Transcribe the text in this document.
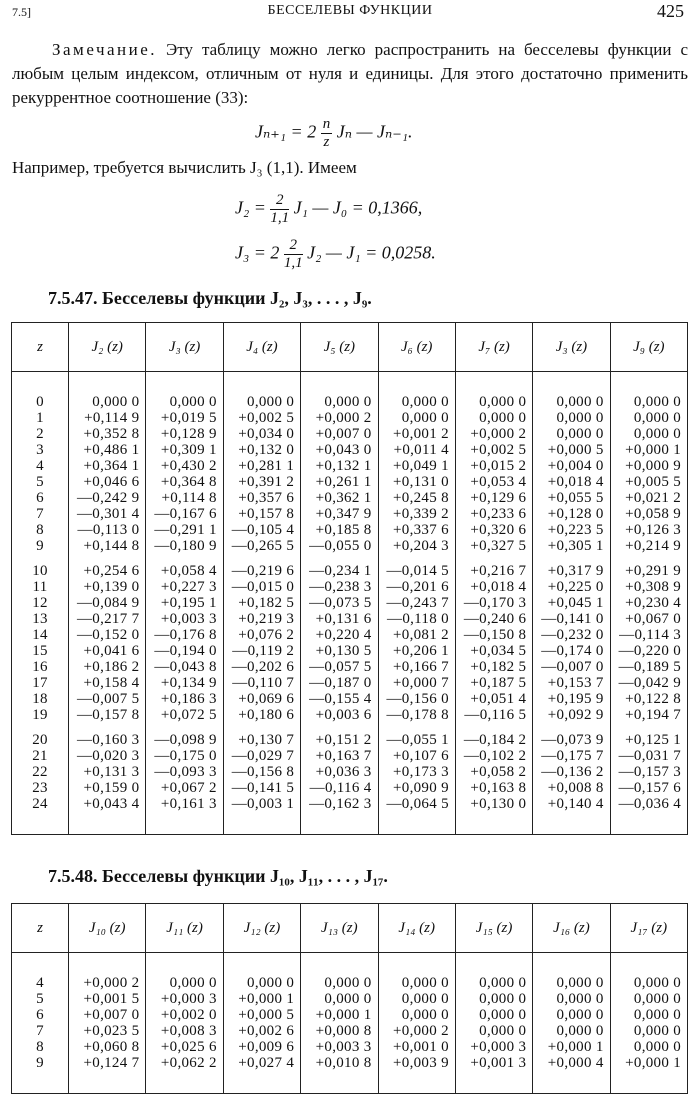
7.5]	БЕССЕЛЕВЫ ФУНКЦИИ	425
Замечание. Эту таблицу можно легко распространить на бесселевы функции с любым целым индексом, отличным от нуля и единицы. Для этого достаточно применить рекуррентное соотношение (33):
$J_{n+1} = 2 \frac{n}{z}$ Jₙ — Jₙ₋₁.
Например, требуется вычислить J₃ (1,1). Имеем
$J_2 = \frac{2}{1,1} J_1$ — J₀ = 0,1366,
$J_3 = 2 \frac{2}{1,1} J_2$ — J₁ = 0,0258.
7.5.47. Бесселевы функции J₂, J₃, . . . , J₉.
z	J₂ (z)	J₃ (z)	J₄ (z)	J₅ (z)	J₆ (z)	J₇ (z)	J₃ (z)	J₉ (z)

0	0,000 0	0,000 0	0,000 0	0,000 0	0,000 0	0,000 0	0,000 0	0,000 0
1	+0,114 9	+0,019 5	+0,002 5	+0,000 2	0,000 0	0,000 0	0,000 0	0,000 0
2	+0,352 8	+0,128 9	+0,034 0	+0,007 0	+0,001 2	+0,000 2	0,000 0	0,000 0
3	+0,486 1	+0,309 1	+0,132 0	+0,043 0	+0,011 4	+0,002 5	+0,000 5	+0,000 1
4	+0,364 1	+0,430 2	+0,281 1	+0,132 1	+0,049 1	+0,015 2	+0,004 0	+0,000 9
5	+0,046 6	+0,364 8	+0,391 2	+0,261 1	+0,131 0	+0,053 4	+0,018 4	+0,005 5
6	—0,242 9	+0,114 8	+0,357 6	+0,362 1	+0,245 8	+0,129 6	+0,055 5	+0,021 2
7	—0,301 4	—0,167 6	+0,157 8	+0,347 9	+0,339 2	+0,233 6	+0,128 0	+0,058 9
8	—0,113 0	—0,291 1	—0,105 4	+0,185 8	+0,337 6	+0,320 6	+0,223 5	+0,126 3
9	+0,144 8	—0,180 9	—0,265 5	—0,055 0	+0,204 3	+0,327 5	+0,305 1	+0,214 9
10	+0,254 6	+0,058 4	—0,219 6	—0,234 1	—0,014 5	+0,216 7	+0,317 9	+0,291 9
11	+0,139 0	+0,227 3	—0,015 0	—0,238 3	—0,201 6	+0,018 4	+0,225 0	+0,308 9
12	—0,084 9	+0,195 1	+0,182 5	—0,073 5	—0,243 7	—0,170 3	+0,045 1	+0,230 4
13	—0,217 7	+0,003 3	+0,219 3	+0,131 6	—0,118 0	—0,240 6	—0,141 0	+0,067 0
14	—0,152 0	—0,176 8	+0,076 2	+0,220 4	+0,081 2	—0,150 8	—0,232 0	—0,114 3
15	+0,041 6	—0,194 0	—0,119 2	+0,130 5	+0,206 1	+0,034 5	—0,174 0	—0,220 0
16	+0,186 2	—0,043 8	—0,202 6	—0,057 5	+0,166 7	+0,182 5	—0,007 0	—0,189 5
17	+0,158 4	+0,134 9	—0,110 7	—0,187 0	+0,000 7	+0,187 5	+0,153 7	—0,042 9
18	—0,007 5	+0,186 3	+0,069 6	—0,155 4	—0,156 0	+0,051 4	+0,195 9	+0,122 8
19	—0,157 8	+0,072 5	+0,180 6	+0,003 6	—0,178 8	—0,116 5	+0,092 9	+0,194 7
20	—0,160 3	—0,098 9	+0,130 7	+0,151 2	—0,055 1	—0,184 2	—0,073 9	+0,125 1
21	—0,020 3	—0,175 0	—0,029 7	+0,163 7	+0,107 6	—0,102 2	—0,175 7	—0,031 7
22	+0,131 3	—0,093 3	—0,156 8	+0,036 3	+0,173 3	+0,058 2	—0,136 2	—0,157 3
23	+0,159 0	+0,067 2	—0,141 5	—0,116 4	+0,090 9	+0,163 8	+0,008 8	—0,157 6
24	+0,043 4	+0,161 3	—0,003 1	—0,162 3	—0,064 5	+0,130 0	+0,140 4	—0,036 4

7.5.48. Бесселевы функции J₁₀, J₁₁, . . . , J₁₇.
z	J₁₀ (z)	J₁₁ (z)	J₁₂ (z)	J₁₃ (z)	J₁₄ (z)	J₁₅ (z)	J₁₆ (z)	J₁₇ (z)

4	+0,000 2	0,000 0	0,000 0	0,000 0	0,000 0	0,000 0	0,000 0	0,000 0
5	+0,001 5	+0,000 3	+0,000 1	0,000 0	0,000 0	0,000 0	0,000 0	0,000 0
6	+0,007 0	+0,002 0	+0,000 5	+0,000 1	0,000 0	0,000 0	0,000 0	0,000 0
7	+0,023 5	+0,008 3	+0,002 6	+0,000 8	+0,000 2	0,000 0	0,000 0	0,000 0
8	+0,060 8	+0,025 6	+0,009 6	+0,003 3	+0,001 0	+0,000 3	+0,000 1	0,000 0
9	+0,124 7	+0,062 2	+0,027 4	+0,010 8	+0,003 9	+0,001 3	+0,000 4	+0,000 1
